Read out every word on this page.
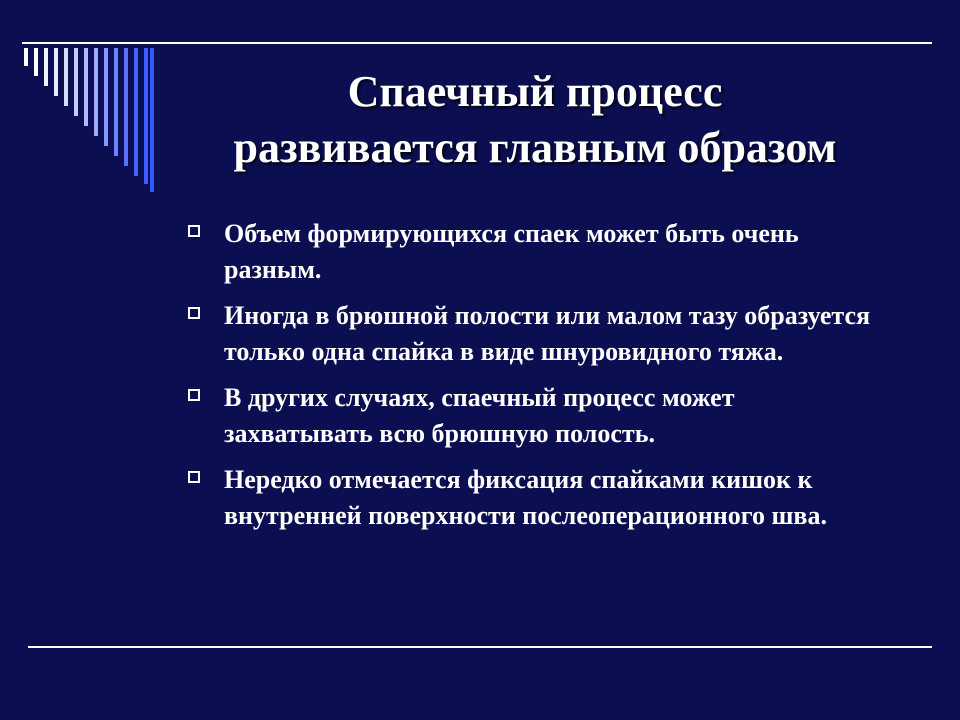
Спаечный процесс
развивается главным образом
Объем формирующихся спаек может быть очень разным.
Иногда в брюшной полости или малом тазу образуется только одна спайка в виде шнуровидного тяжа.
В других случаях, спаечный процесс может захватывать всю брюшную полость.
Нередко отмечается фиксация спайками кишок к внутренней поверхности послеоперационного шва.
